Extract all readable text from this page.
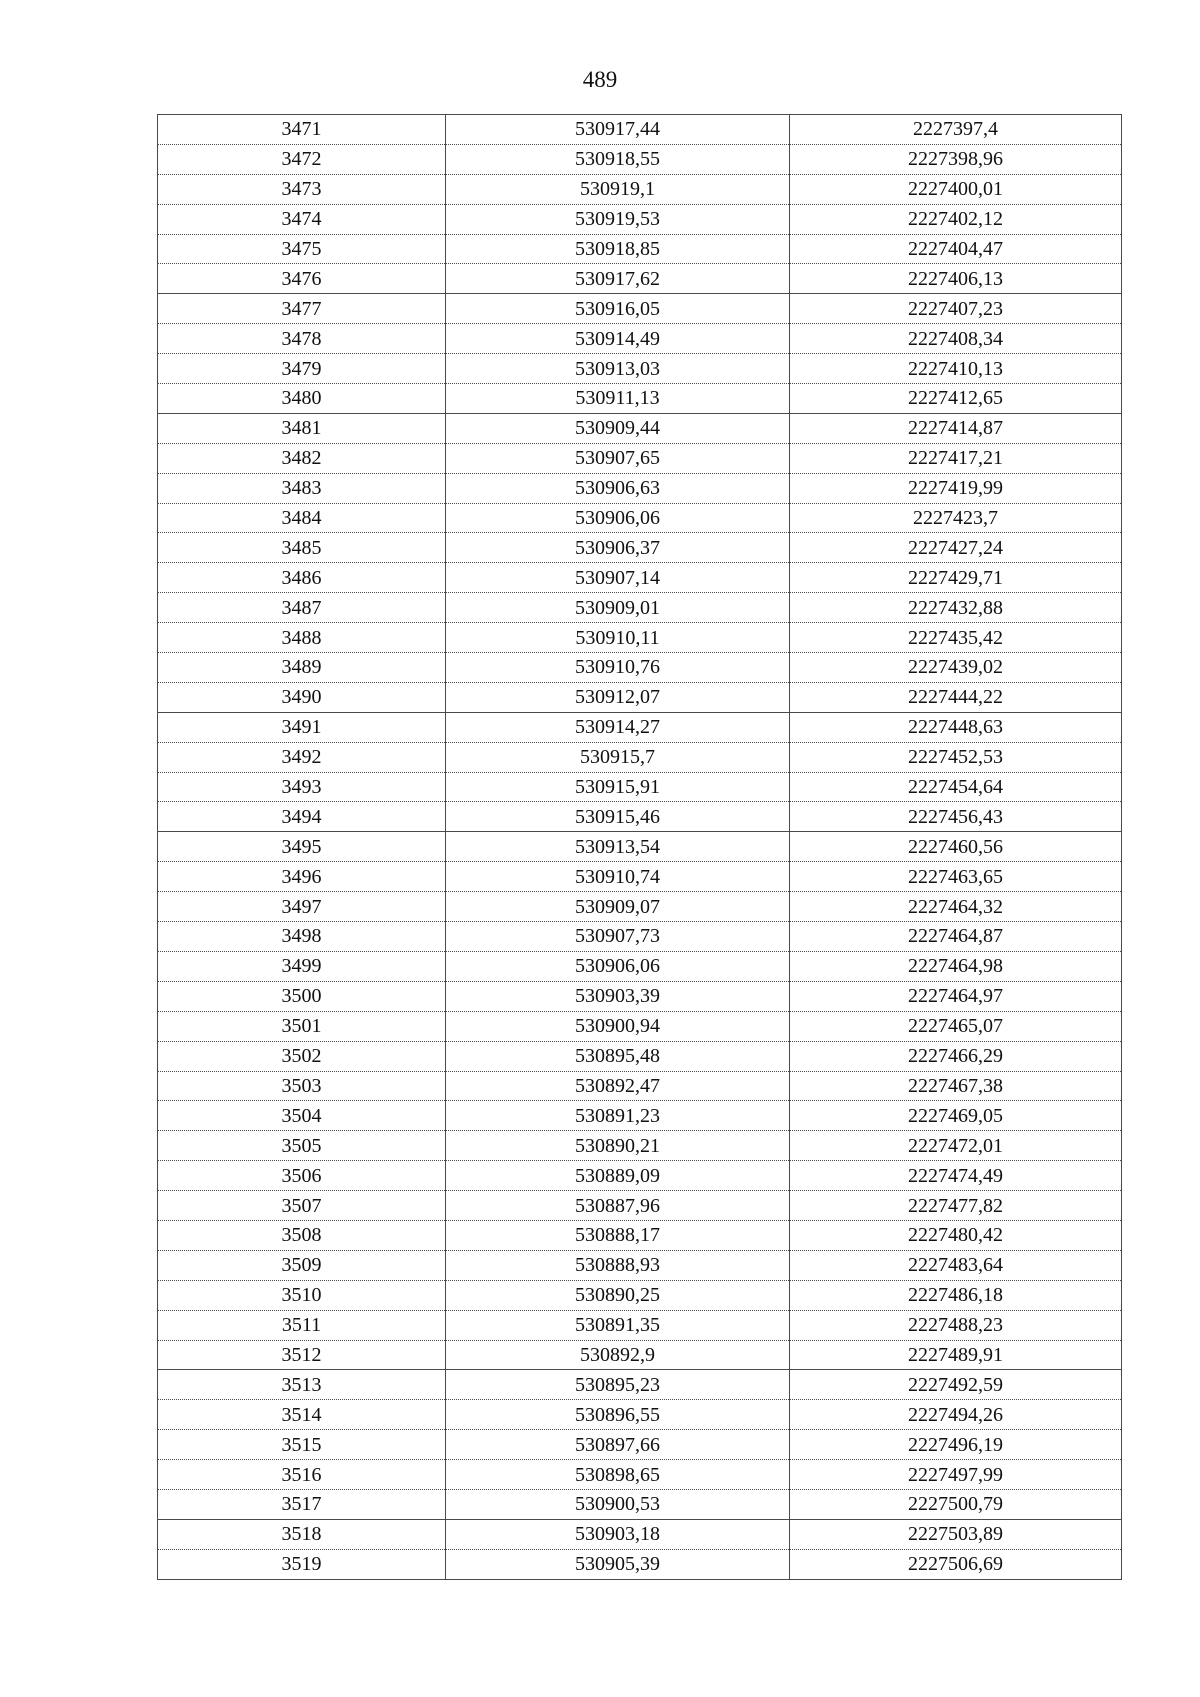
489
3471	530917,44	2227397,4
3472	530918,55	2227398,96
3473	530919,1	2227400,01
3474	530919,53	2227402,12
3475	530918,85	2227404,47
3476	530917,62	2227406,13
3477	530916,05	2227407,23
3478	530914,49	2227408,34
3479	530913,03	2227410,13
3480	530911,13	2227412,65
3481	530909,44	2227414,87
3482	530907,65	2227417,21
3483	530906,63	2227419,99
3484	530906,06	2227423,7
3485	530906,37	2227427,24
3486	530907,14	2227429,71
3487	530909,01	2227432,88
3488	530910,11	2227435,42
3489	530910,76	2227439,02
3490	530912,07	2227444,22
3491	530914,27	2227448,63
3492	530915,7	2227452,53
3493	530915,91	2227454,64
3494	530915,46	2227456,43
3495	530913,54	2227460,56
3496	530910,74	2227463,65
3497	530909,07	2227464,32
3498	530907,73	2227464,87
3499	530906,06	2227464,98
3500	530903,39	2227464,97
3501	530900,94	2227465,07
3502	530895,48	2227466,29
3503	530892,47	2227467,38
3504	530891,23	2227469,05
3505	530890,21	2227472,01
3506	530889,09	2227474,49
3507	530887,96	2227477,82
3508	530888,17	2227480,42
3509	530888,93	2227483,64
3510	530890,25	2227486,18
3511	530891,35	2227488,23
3512	530892,9	2227489,91
3513	530895,23	2227492,59
3514	530896,55	2227494,26
3515	530897,66	2227496,19
3516	530898,65	2227497,99
3517	530900,53	2227500,79
3518	530903,18	2227503,89
3519	530905,39	2227506,69
